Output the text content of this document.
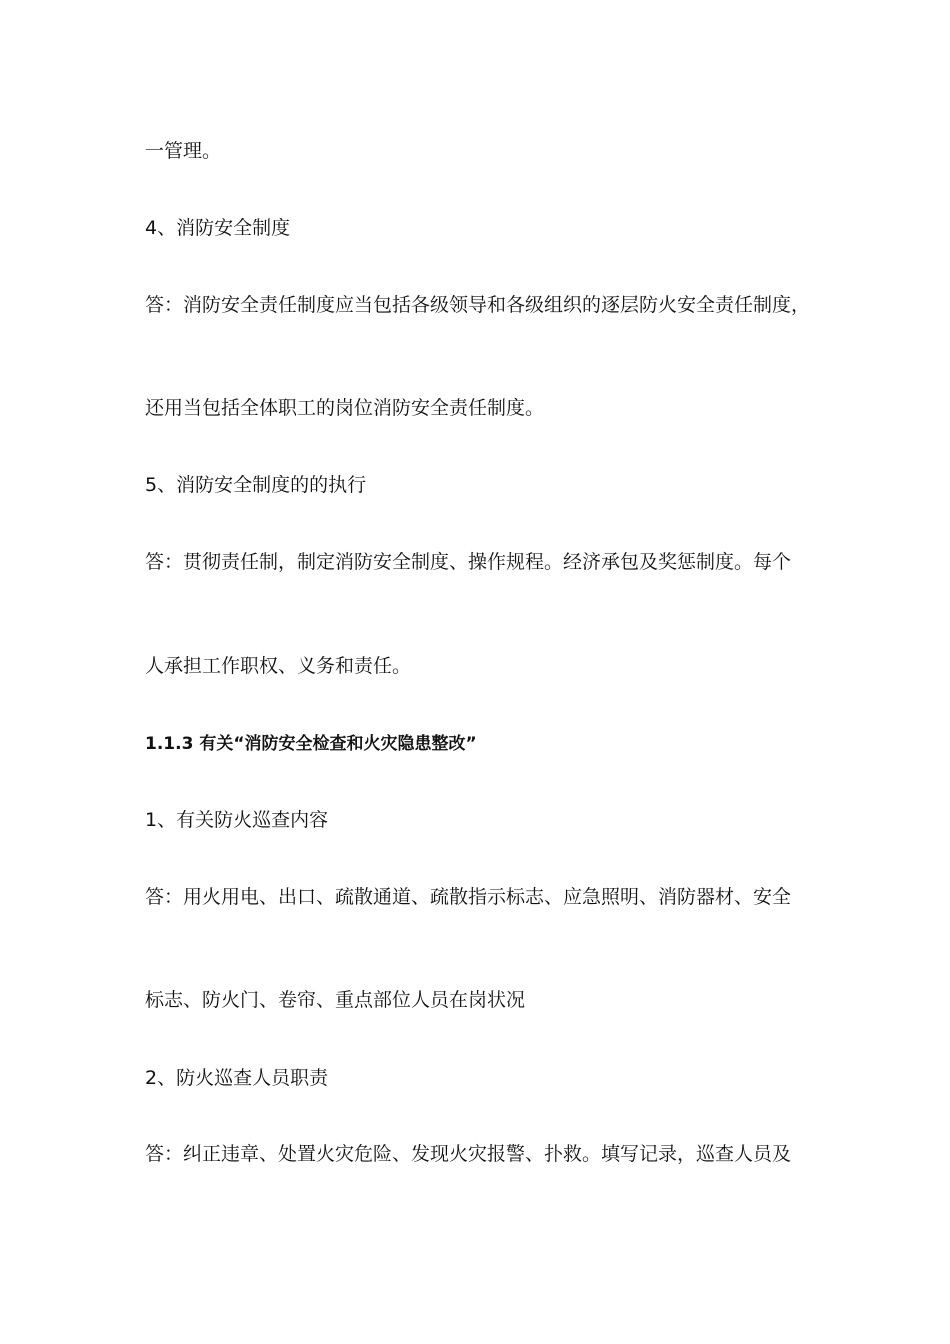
一管理。
4、消防安全制度
答：消防安全责任制度应当包括各级领导和各级组织的逐层防火安全责任制度，
还用当包括全体职工的岗位消防安全责任制度。
5、消防安全制度的的执行
答：贯彻责任制，制定消防安全制度、操作规程。经济承包及奖惩制度。每个
人承担工作职权、义务和责任。
1.1.3 有关“消防安全检查和火灾隐患整改”
1、有关防火巡查内容
答：用火用电、出口、疏散通道、疏散指示标志、应急照明、消防器材、安全
标志、防火门、卷帘、重点部位人员在岗状况
2、防火巡查人员职责
答：纠正违章、处置火灾危险、发现火灾报警、扑救。填写记录，巡查人员及
